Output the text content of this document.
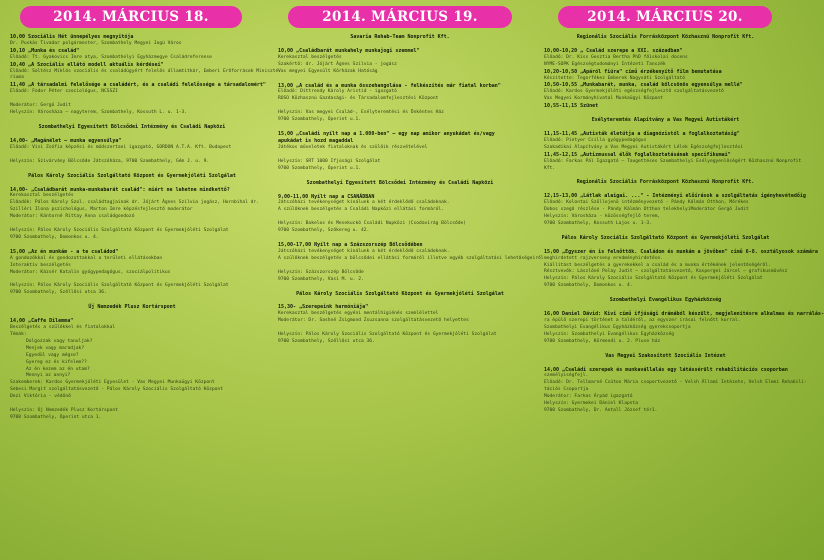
2014. MÁRCIUS 18.

10,00 Szociális Hét ünnepélyes megnyitója

Dr. Puskás Tivadar polgármester, Szombathely Megyei Jogú Város

10,10 „Munka és család"

Előadó: Tt. Gyakovics Imre atya, Szombathelyi Egyházmegye Családreferense

10,40 „A Szociális ellátó modell aktuális kérdései"

Előadó: Soltész Miklós szociális és családügyért felelős államtitkár, Emberi Erőforrások Miniszté-

riuma

11,40 „A társadalmi felelősége a családért, és a családi felelőssége a társadalomért"

Előadó: Fodor Péter szociológus, NCSSZI

Moderátor: Gergó Judit

Helyszín: Városháza – nagyterem, Szombathely, Kossuth L. u. 1-3.

Szombathelyi Egyesített Bölcsődei Intézmény és Családi Napközi

14,00- „Magánélet – munka egyensúlya"

Előadó: Visi Zsófia képzési és módszertani igazgató, GORDON A.T.A. Kft. Budapest

Helyszín: Szivárvány Bölcsőde Játszóháza, 9700 Szombathely, Gém J. u. 9.

Pálos Károly Szociális Szolgáltató Központ és Gyermekjóléti Szolgálat

14,00- „Családbarát munka-munkabarát család": miért ne lehetne mindkettő?

Kerekasztal beszélgetés

Előadók: Pálos Károly Szol. családtagjainak dr. Jójárt Ágnes Szilvia jogász, Hornbihal dr.

Szilléri Ilona pszichológus, Marton Imre képzésfejlesztő moderátor

Moderátor: Kántorné Rittay Anna családgondozó

Helyszín: Pálos Károly Szociális Szolgáltató Központ és Gyermekjóléti Szolgálat

9700 Szombathely, Domonkos u. 4.

15,00 „Az én munkám - a te családod"

A gondozókkal és gondozottakkal a területi ellátásokban

Interaktív beszélgetés

Moderátor: Kázsér Katalin gyógypedagógus, szociálpolitikus

Helyszín: Pálos Károly Szociális Szolgáltató Központ és Gyermekjóléti Szolgálat

9700 Szombathely, Szőllősi utca 36.

Új Nemzedék Plusz Kortárspont

14,00 „Caffe Dilemma"

Beszélgetés a szülőkkel és fiatalokkal

Témák:

Dolgozzak vagy tanuljak?

Menjek vagy maradjak?

Egyedül vagy mégse?

Gyereg ez és kifelem??

Az én kezem az én utam?

Mennyi az annyi?

Szakemberek: Kardos Gyermekjóléti Egyesület - Vas Megyei Munkaügyi Központ

Sebesi Margit szolgáltatásvezető - Pálos Károly Szociális Szolgáltató Központ

Dezi Viktória - védőnő

Helyszín: Új Nemzedék Plusz Kortárspont

9700 Szombathely, Óperint utca 1.

2014. MÁRCIUS 19.

Savaria Rehab-Team Nonprofit Kft.

10,00 „Családbarát munkahely munkajogi szemmel"

Kerekasztal beszélgetés

Szakértő: dr. Jójárt Ágnes Szilvia - jogász

Vas megyei Egyesült Kórházak Hatóság

13,00 „A család és a munka összehangolása - felkészítés már fiatal korban"

Előadó: Dittrendy Károly Aristid - igazgató

ROSO Közhasznú Gazdasági- és Társadalomfejlesztési Központ

Helyszín: Vas megyei Család-, Esélyteremtési és Önkéntes Ház

9700 Szombathely, Óperint u.1.

15,00 „Családi nyílt nap a 1.000-ben" – egy nap amikor anyukádat és/vagy

apukádat is hozd magaddal

Játékos műveletek fiataloknak és szülőik részvételével

Helyszín: SRT 1000 Ifjúsági Szolgálat

9700 Szombathely, Óperint u.1.

Szombathelyi Egyesített Bölcsődei Intézmény és Családi Napközi

9,00-11,00 Nyílt nap a CSANÁDBAN

Játszóházi tevékenységet kínálunk a két érdeklődő családoknak.

A szülőknek beszélgetés a Családi Napközi ellátási formáról.

Helyszín: Bakelos és Mesekuckó Családi Napközi (Csodavirág Bölcsőde)

9700 Szombathely, Szőkereg u. 42.

15,00-17,00 Nyílt nap a Százszorszép Bölcsődében

Játszóházi tevékenységet kínálunk a két érdeklődő családoknak.

A szülőknek beszélgetés a bölcsődei ellátási formáról illetve egyéb szolgáltatási lehetőségeiről

Helyszín: Százszorszép Bölcsőde

9700 Szombathely, Vasi M. u. 2.

Pálos Károly Szociális Szolgáltató Központ és Gyermekjóléti Szolgálat

15,30- „Szerepeink harmóniája"

Kerekasztal beszélgetés egyéni mentálhigiénés szemlélettel

Moderátor: Dr. Sashné Zsigmond Zsuzsanna szolgáltatásvezető helyettes

Helyszín: Pálos Károly Szociális Szolgáltató Központ és Gyermekjóléti Szolgálat

9700 Szombathely, Szőllősi utca 36.

2014. MÁRCIUS 20.

Regionális Szociális Forrásközpont Közhasznú Nonprofit Kft.

10,00-10,20 „ Család szerepe a XXI. században"

Előadó: Dr. Kiss Gesztia Bertha PhD főiskolai docens

NYME-SOPK Egészségtudományi Intézeti Tanszék

10,20-10,50 „Apáról fiúra" című érzékenyítő film bemutatása

Készítette: Tegorfékez Emberek Nagyváti Szolgáltató

10,50-10,55 „Munkabarát, munka, család kölcsönös egyensúlya mellé"

Előadó: Kardos Gyermekjóléti egészségfejlesztő szolgáltatásvezető

Vas Megyei Kormányhivatal Munkaügyi Központ

10,55-11,15 Szünet

Esélyteremtés Alapítvány a Vas Megyei Autistákért

11,15-11,45 „Autisták életútja a diagnózistól a foglalkoztatásig"

Előadó: Pintyer Csilla gyógypedagógus

Szakadikai Alapítvány a Vas Megyei Autistákért Lélek Egészségfejlesztési

11,45-12,15 „Autizmussal élők foglalkoztatásának specifikumai"

Előadó: Farkas Pál Igazgató – Taugettéses Szombathelyi Esélyegyenlőségért Közhasznú Nonprofit

Kft.

Regionális Szociális Forrásközpont Közhasznú Nonprofit Kft.

12,15-13,00 „Látlak alaigai. ..." - Intézményi előírások a szolgáltatás igényhevétedőig

Előadó: Kolontai Szöllejenö intézményvezető - Pándy Kálmán Otthon, Mórékes

Dobos szegő részlése - Pándy Kálmán Otthon telekhelyiModerátor Gergó Judit

Helyszín: Városháza - közösségfejlő terem,

9700 Szombathely, Kossuth Lajos u. 1-3.

Pálos Károly Szociális Szolgáltató Központ és Gyermekjóléti Szolgálat

15,00 „Egyszer én is felnőttök. Családom és munkám a jövőben" című 6-8. osztályosok számára

meghirdetett rajzverseny eredményhirdetése.

Kiállítást beszélgetés a gyerekekkel a család és a munka értékének jelentőségéről.

Résztvevők: Lászlóné Polay Judit – szolgáltatásvezető, Kaspergei Járcel – grafikusművész

Helyszín: Pálos Károly Szociális Szolgáltató Központ és Gyermekjóléti Szolgálat

9700 Szombathely, Domonkos u. 4.

Szombathelyi Evangélikus Egyházközség

16,00 Daniel Dávid: Kivi című ifjúsági drámából készült, megjelenítésre alkalmas és narrálás-

ra épülő szerepi történet a taldéről, az egyszer írásai felnőtt korral.

Szombathelyi Evangélikus Egyházközség gyerekcsoportja

Helyszín: Szombathelyi Evangélikus Egyházközség

9700 Szombathely, Körmendi u. 2. Pluse ház

Vas Megyei Szakosított Szociális Intézet

14,00 „Családi szerepek és munkavállalás egy látássérült rehabilitációs csoporban

személyiségfejl.

Előadó: Dr. Tellmarné Csúton Mária csoportvezető - Velsh Állami Intézete, Velsh Elemi Rehabili-

tációs Csoportja

Moderátor: Farkas Árpád igazgató

Helyszín: Gyermekei Dániel Klapsta

9700 Szombathely, Dr. Antall József tér1.
